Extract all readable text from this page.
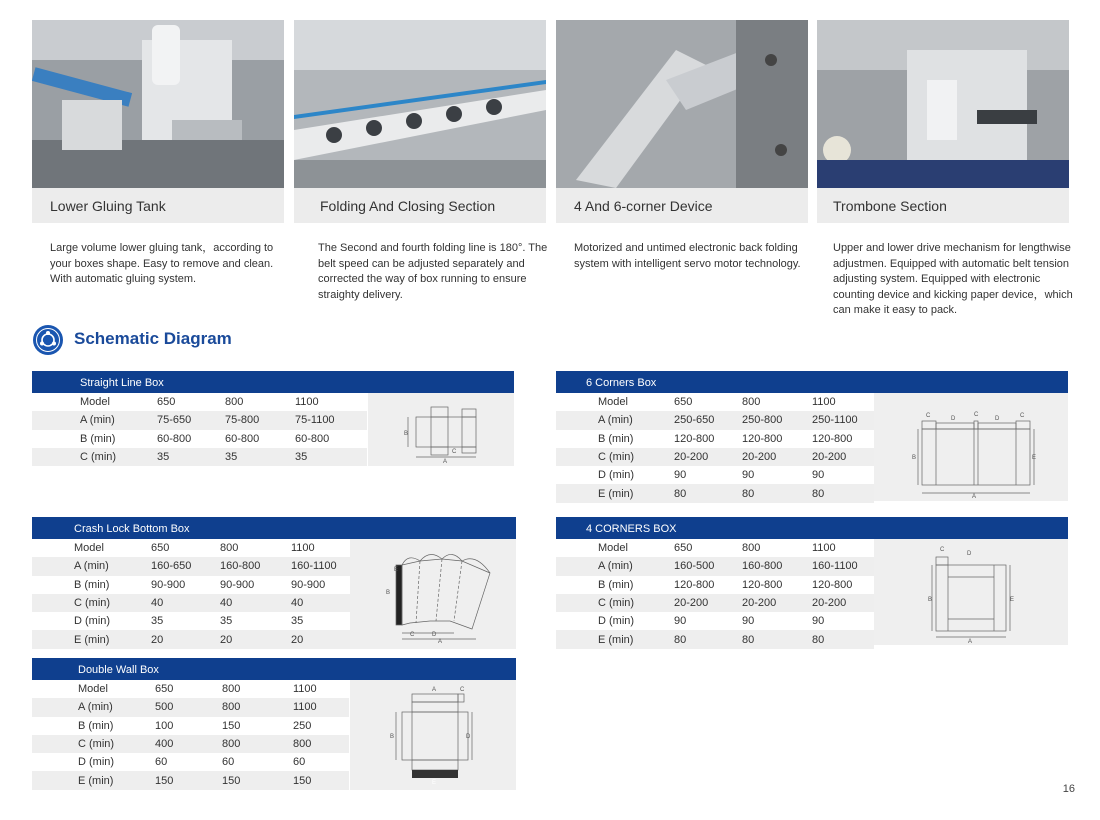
Lower Gluing Tank	Folding And Closing Section	4 And 6-corner Device	Trombone Section
Large volume lower gluing tank，according to your boxes shape. Easy to remove and clean. With automatic gluing system.
The Second and fourth folding line is 180°. The belt speed can be adjusted separately and corrected the way of box running to ensure straighty delivery.
Motorized and untimed electronic back folding system with intelligent servo motor technology.
Upper and lower drive mechanism for lengthwise adjustmen. Equipped with automatic belt tension adjusting system. Equipped with electronic counting device and kicking paper device，which can make it easy to pack.
Schematic Diagram
Straight Line Box
Model	650	800	1100
A (min)	75-650	75-800	75-1100
B (min)	60-800	60-800	60-800
C (min)	35	35	35
B
A
C
6 Corners Box
Model	650	800	1100
A (min)	250-650	250-800	250-1100
B (min)	120-800	120-800	120-800
C (min)	20-200	20-200	20-200
D (min)	90	90	90
E (min)	80	80	80
C	D
C
D	C
B	E
A
Crash Lock Bottom Box
Model	650	800	1100
A (min)	160-650	160-800	160-1100
B (min)	90-900	90-900	90-900
C (min)	40	40	40
D (min)	35	35	35
E (min)	20	20	20
E
B
C	D
A
4 CORNERS BOX
Model	650	800	1100
A (min)	160-500	160-800	160-1100
B (min)	120-800	120-800	120-800
C (min)	20-200	20-200	20-200
D (min)	90	90	90
E (min)	80	80	80
C
D
B	E
A
Double Wall Box
Model	650	800	1100
A (min)	500	800	1100
B (min)	100	150	250
C (min)	400	800	800
D (min)	60	60	60
E (min)	150	150	150
A	C
B	D
E	16
